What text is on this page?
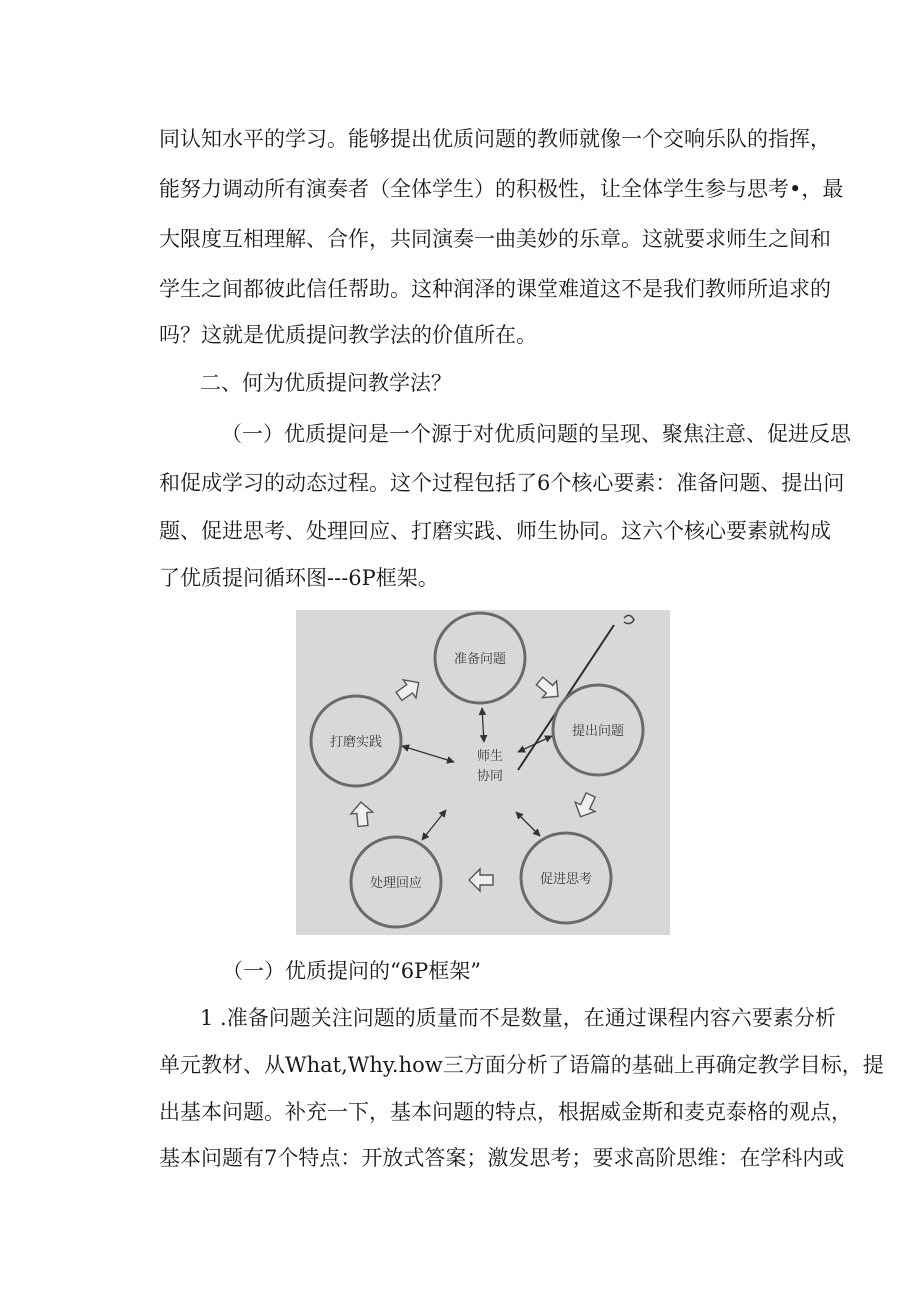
同认知水平的学习。能够提出优质问题的教师就像一个交响乐队的指挥，
能努力调动所有演奏者（全体学生）的积极性，让全体学生参与思考•，最
大限度互相理解、合作，共同演奏一曲美妙的乐章。这就要求师生之间和
学生之间都彼此信任帮助。这种润泽的课堂难道这不是我们教师所追求的
吗？这就是优质提问教学法的价值所在。
二、何为优质提问教学法？
（一）优质提问是一个源于对优质问题的呈现、聚焦注意、促进反思
和促成学习的动态过程。这个过程包括了6个核心要素：准备问题、提出问
题、促进思考、处理回应、打磨实践、师生协同。这六个核心要素就构成
了优质提问循环图---6P框架。
准备问题
提出问题
促进思考
处理回应
打磨实践
师生
协同
（一）优质提问的“6P框架”
1 .准备问题关注问题的质量而不是数量，在通过课程内容六要素分析
单元教材、从What,Why.how三方面分析了语篇的基础上再确定教学目标，提
出基本问题。补充一下，基本问题的特点，根据威金斯和麦克泰格的观点，
基本问题有7个特点：开放式答案；激发思考；要求高阶思维：在学科内或
